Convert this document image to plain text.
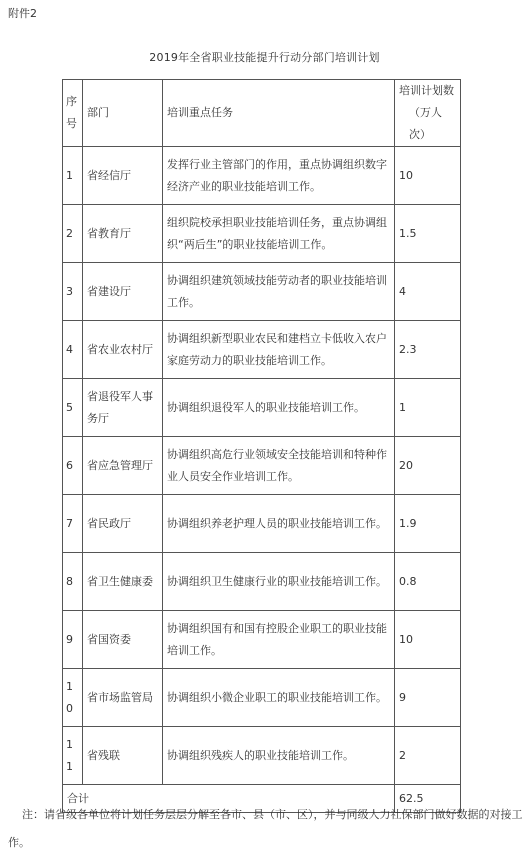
附件2
2019年全省职业技能提升行动分部门培训计划
序号	部门	培训重点任务	培训计划数
（万人次）

1	省经信厅	发挥行业主管部门的作用，重点协调组织数字经济产业的职业技能培训工作。	10
2	省教育厅	组织院校承担职业技能培训任务，重点协调组织“两后生”的职业技能培训工作。	1.5
3	省建设厅	协调组织建筑领域技能劳动者的职业技能培训工作。	4
4	省农业农村厅	协调组织新型职业农民和建档立卡低收入农户家庭劳动力的职业技能培训工作。	2.3
5	省退役军人事务厅	协调组织退役军人的职业技能培训工作。	1
6	省应急管理厅	协调组织高危行业领域安全技能培训和特种作业人员安全作业培训工作。	20
7	省民政厅	协调组织养老护理人员的职业技能培训工作。	1.9
8	省卫生健康委	协调组织卫生健康行业的职业技能培训工作。	0.8
9	省国资委	协调组织国有和国有控股企业职工的职业技能培训工作。	10
10	省市场监管局	协调组织小微企业职工的职业技能培训工作。	9
11	省残联	协调组织残疾人的职业技能培训工作。	2
合计			62.5
注：请省级各单位将计划任务层层分解至各市、县（市、区），并与同级人力社保部门做好数据的对接工作。
